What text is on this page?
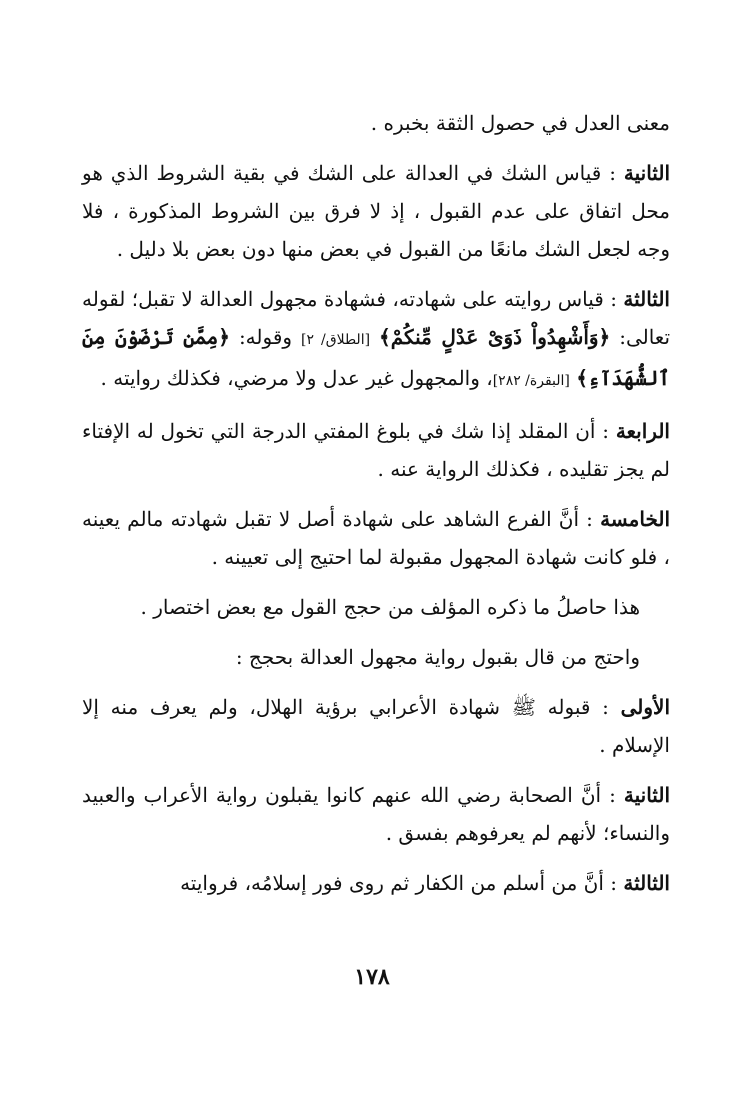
معنى العدل في حصول الثقة بخبره .

الثانية : قياس الشك في العدالة على الشك في بقية الشروط الذي هو محل اتفاق على عدم القبول ، إذ لا فرق بين الشروط المذكورة ، فلا وجه لجعل الشك مانعًا من القبول في بعض منها دون بعض بلا دليل .

الثالثة : قياس روايته على شهادته، فشهادة مجهول العدالة لا تقبل؛ لقوله تعالى: ﴿وَأَشْهِدُواْ ذَوَىْ عَدْلٍ مِّنكُمْ﴾ [الطلاق/ ٢] وقوله: ﴿مِمَّن تَرْضَوْنَ مِنَ ٱلشُّهَدَآءِ﴾ [البقرة/ ٢٨٢]، والمجهول غير عدل ولا مرضي، فكذلك روايته .

الرابعة : أن المقلد إذا شك في بلوغ المفتي الدرجة التي تخول له الإفتاء لم يجز تقليده ، فكذلك الرواية عنه .

الخامسة : أنَّ الفرع الشاهد على شهادة أصل لا تقبل شهادته مالم يعينه ، فلو كانت شهادة المجهول مقبولة لما احتيج إلى تعيينه .

هذا حاصلُ ما ذكره المؤلف من حجج القول مع بعض اختصار .

واحتج من قال بقبول رواية مجهول العدالة بحجج :

الأولى : قبوله ﷺ شهادة الأعرابي برؤية الهلال، ولم يعرف منه إلا الإسلام .

الثانية : أنَّ الصحابة رضي الله عنهم كانوا يقبلون رواية الأعراب والعبيد والنساء؛ لأنهم لم يعرفوهم بفسق .

الثالثة : أنَّ من أسلم من الكفار ثم روى فور إسلامُه، فروايته

١٧٨
